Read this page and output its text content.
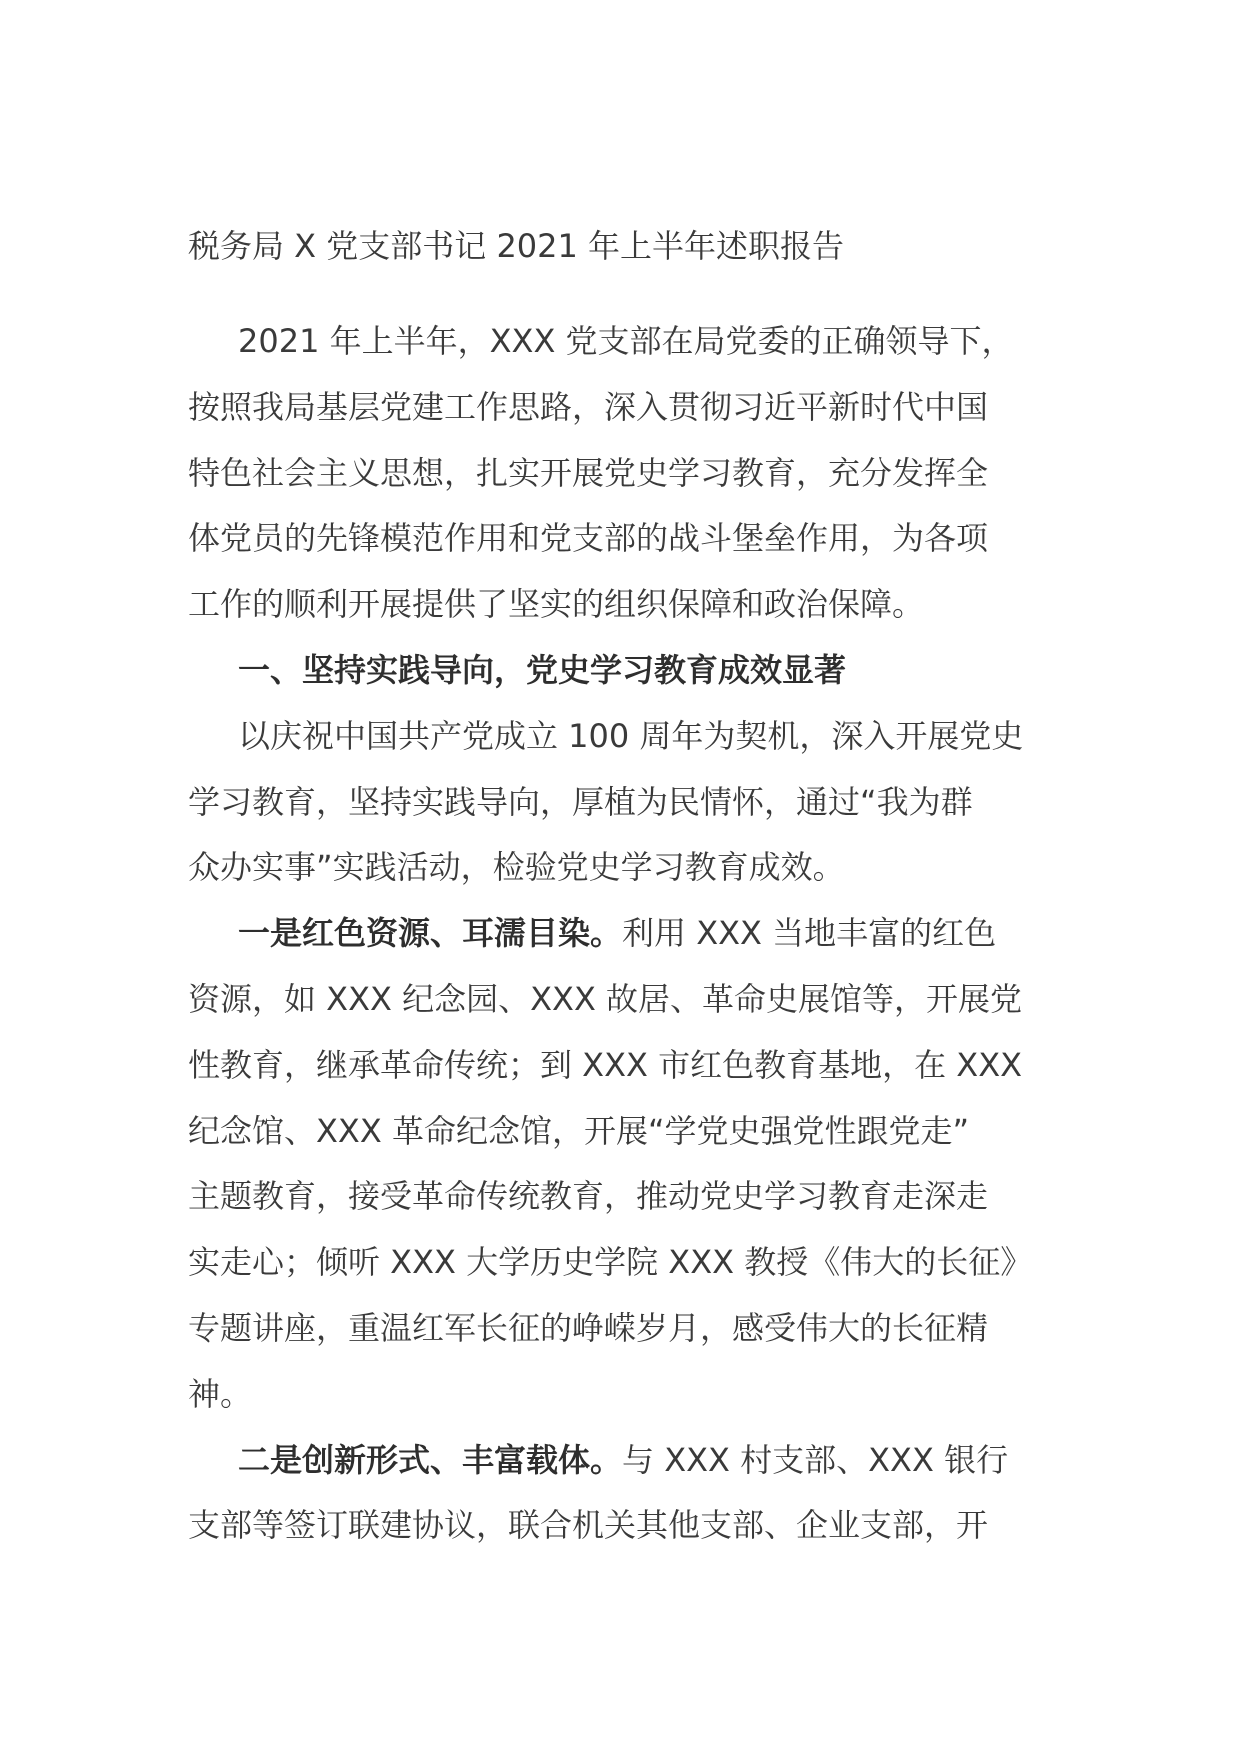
税务局 X 党支部书记 2021 年上半年述职报告

2021 年上半年，XXX 党支部在局党委的正确领导下，

按照我局基层党建工作思路，深入贯彻习近平新时代中国

特色社会主义思想，扎实开展党史学习教育，充分发挥全

体党员的先锋模范作用和党支部的战斗堡垒作用，为各项

工作的顺利开展提供了坚实的组织保障和政治保障。

一、坚持实践导向，党史学习教育成效显著

以庆祝中国共产党成立 100 周年为契机，深入开展党史

学习教育，坚持实践导向，厚植为民情怀，通过“我为群

众办实事”实践活动，检验党史学习教育成效。

一是红色资源、耳濡目染。利用 XXX 当地丰富的红色

资源，如 XXX 纪念园、XXX 故居、革命史展馆等，开展党

性教育，继承革命传统；到 XXX 市红色教育基地，在 XXX

纪念馆、XXX 革命纪念馆，开展“学党史强党性跟党走”

主题教育，接受革命传统教育，推动党史学习教育走深走

实走心；倾听 XXX 大学历史学院 XXX 教授《伟大的长征》

专题讲座，重温红军长征的峥嵘岁月，感受伟大的长征精

神。

二是创新形式、丰富载体。与 XXX 村支部、XXX 银行

支部等签订联建协议，联合机关其他支部、企业支部，开
